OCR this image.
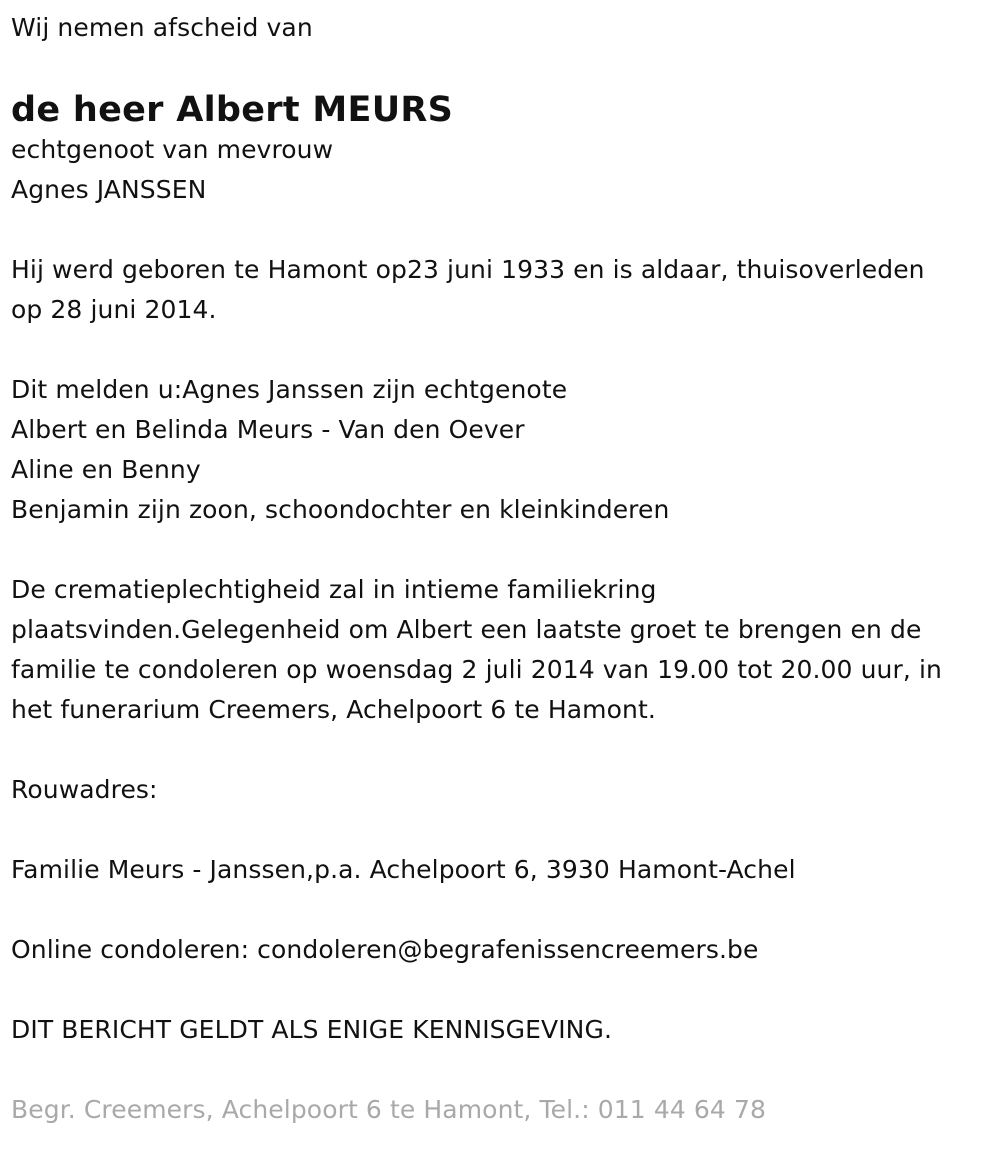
Wij nemen afscheid van
de heer Albert MEURS
echtgenoot van mevrouw
Agnes JANSSEN
Hij werd geboren te Hamont op23 juni 1933 en is aldaar, thuisoverleden
op 28 juni 2014.
Dit melden u:Agnes Janssen zijn echtgenote
Albert en Belinda Meurs - Van den Oever
Aline en Benny
Benjamin zijn zoon, schoondochter en kleinkinderen
De crematieplechtigheid zal in intieme familiekring
plaatsvinden.Gelegenheid om Albert een laatste groet te brengen en de
familie te condoleren op woensdag 2 juli 2014 van 19.00 tot 20.00 uur, in
het funerarium Creemers, Achelpoort 6 te Hamont.
Rouwadres:
Familie Meurs - Janssen,p.a. Achelpoort 6, 3930 Hamont-Achel
Online condoleren: condoleren@begrafenissencreemers.be
DIT BERICHT GELDT ALS ENIGE KENNISGEVING.
Begr. Creemers, Achelpoort 6 te Hamont, Tel.: 011 44 64 78
